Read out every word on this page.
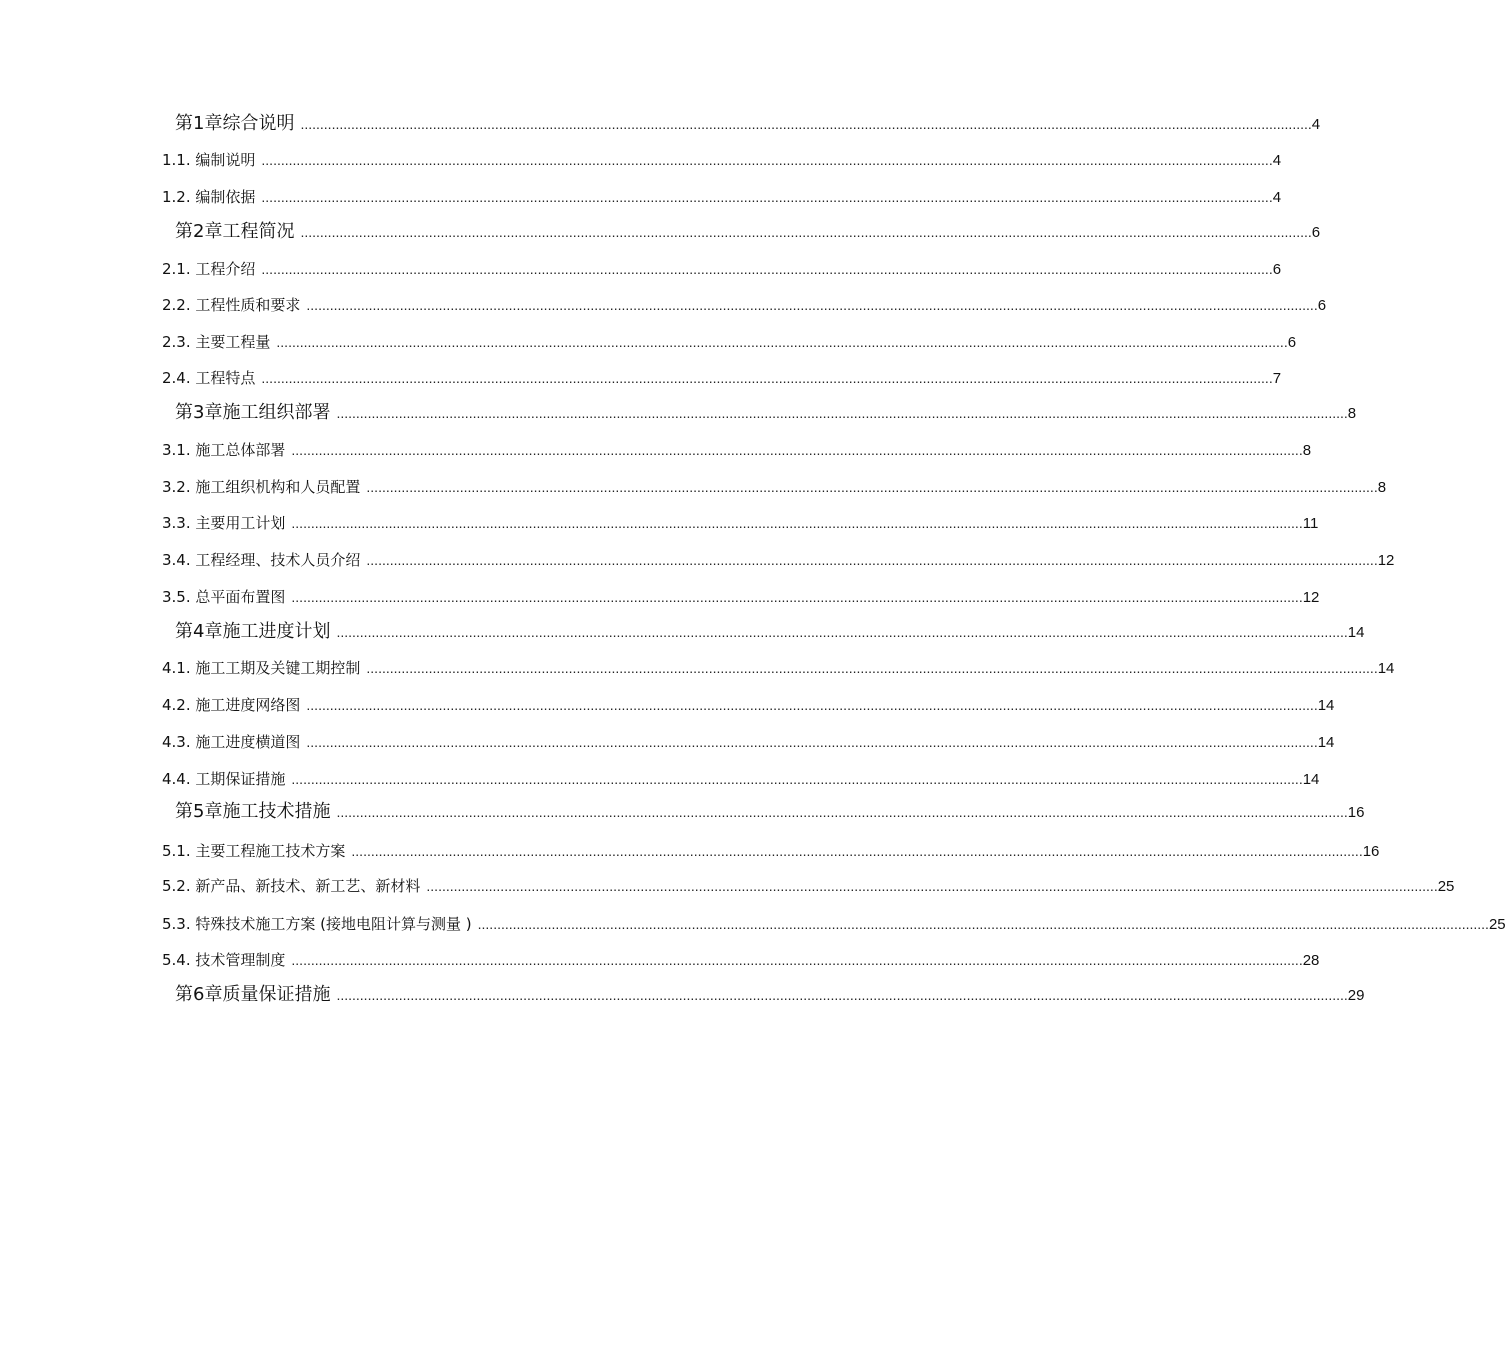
第1章综合说明 .................................................................................................................................................................................................................................................................... 4
1.1. 编制说明 .................................................................................................................................................................................................................................................................... 4
1.2. 编制依据 .................................................................................................................................................................................................................................................................... 4
第2章工程简况 .................................................................................................................................................................................................................................................................... 6
2.1. 工程介绍 .................................................................................................................................................................................................................................................................... 6
2.2. 工程性质和要求 .................................................................................................................................................................................................................................................................... 6
2.3. 主要工程量 .................................................................................................................................................................................................................................................................... 6
2.4. 工程特点 .................................................................................................................................................................................................................................................................... 7
第3章施工组织部署 .................................................................................................................................................................................................................................................................... 8
3.1. 施工总体部署 .................................................................................................................................................................................................................................................................... 8
3.2. 施工组织机构和人员配置 .................................................................................................................................................................................................................................................................... 8
3.3. 主要用工计划 .................................................................................................................................................................................................................................................................... 11
3.4. 工程经理、技术人员介绍 .................................................................................................................................................................................................................................................................... 12
3.5. 总平面布置图 .................................................................................................................................................................................................................................................................... 12
第4章施工进度计划 .................................................................................................................................................................................................................................................................... 14
4.1. 施工工期及关键工期控制 .................................................................................................................................................................................................................................................................... 14
4.2. 施工进度网络图 .................................................................................................................................................................................................................................................................... 14
4.3. 施工进度横道图 .................................................................................................................................................................................................................................................................... 14
4.4. 工期保证措施 .................................................................................................................................................................................................................................................................... 14
第5章施工技术措施 .................................................................................................................................................................................................................................................................... 16
5.1. 主要工程施工技术方案 .................................................................................................................................................................................................................................................................... 16
5.2. 新产品、新技术、新工艺、新材料 .................................................................................................................................................................................................................................................................... 25
5.3. 特殊技术施工方案 (接地电阻计算与测量 ) .................................................................................................................................................................................................................................................................... 25
5.4. 技术管理制度 .................................................................................................................................................................................................................................................................... 28
第6章质量保证措施 .................................................................................................................................................................................................................................................................... 29
